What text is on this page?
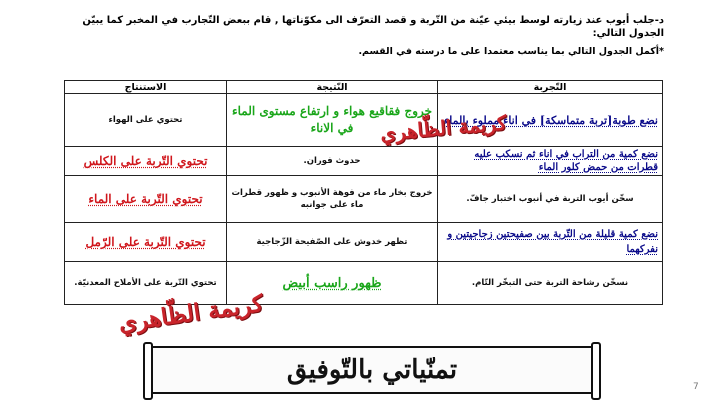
د-جلب أيوب عند زيارته لوسط بيئي عيّنة من التّربة و قصد التعرّف الى مكوّناتها , قام ببعض التّجارب في المخبر كما يبيّن الجدول التالي:
*أكمل الجدول التالي بما يناسب معتمدا على ما درسته في القسم.
التّجربة	النّتيجة	الاستنتاج

نضع طوبة[تربة متماسكة] في اناء مملوء بالماء	خروج فقاقيع هواء و ارتفاع مستوى الماء في الاناء	تحتوي على الهواء

نضع كمية من التراب في اناء ثم نسكب عليه قطرات من حمض كلور الماء	حدوث فوران.	تحتوي التّربة على الكلس

سخّن أيوب التربة في أنبوب اختبار جافّ.	خروج بخار ماء من فوهة الأنبوب و ظهور قطرات ماء على جوانبه	تحتوي التّربة على الماء

نضع كمية قليلة من التّربة بين صفيحتين زجاجيتين و نفركهما	تظهر خدوش على الصّفيحة الزّجاجية	تحتوي التّربة على الرّمل

نسخّن رشاحة التربة حتى التبخّر التّام.	ظهور راسب أبيض	تحتوي التّربة على الأملاح المعدنيّة.
كريمة الظّاهري
كريمة الظّاهري
تمنّياتي بالتّوفيق
7
